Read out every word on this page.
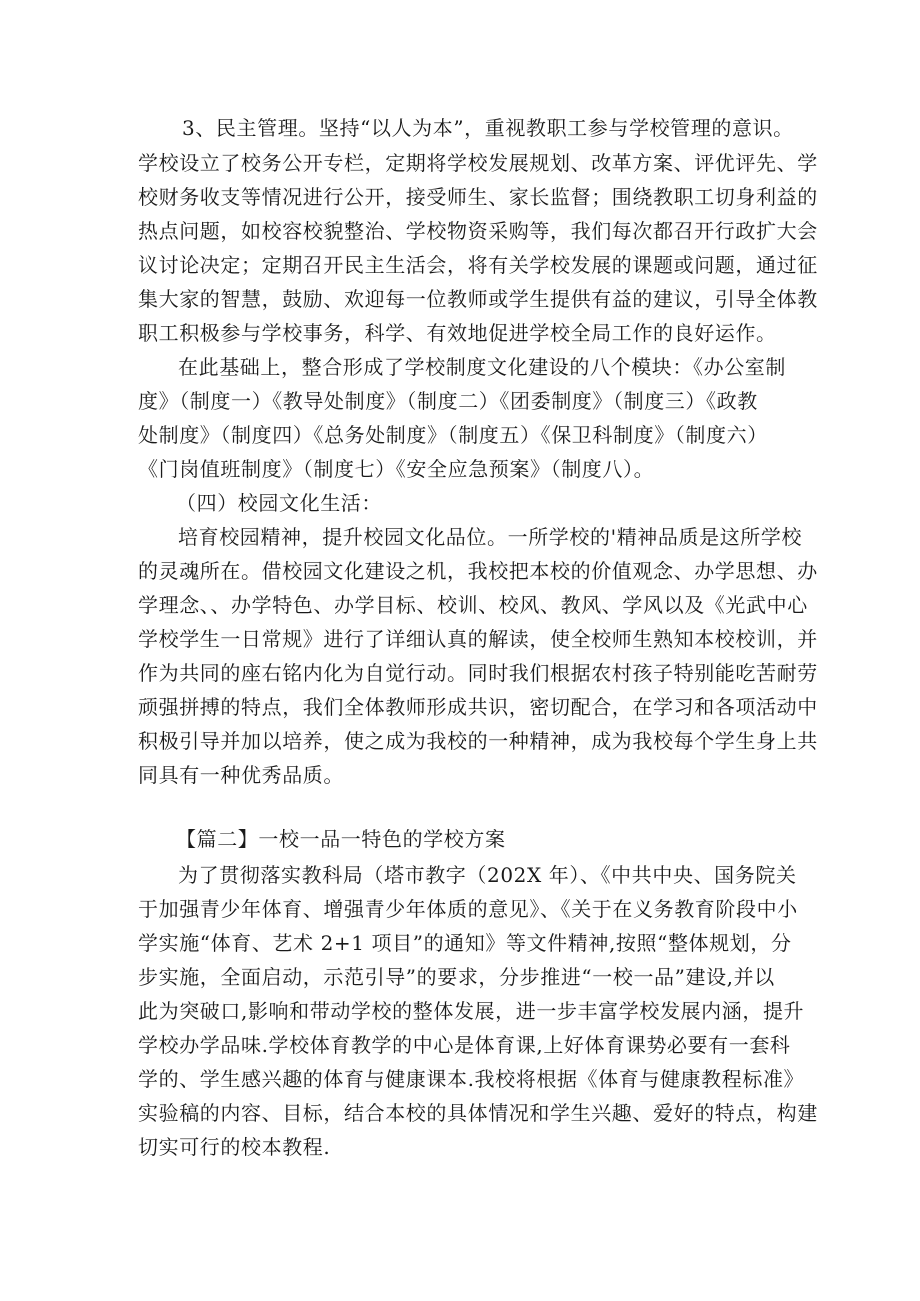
3、民主管理。坚持“以人为本”，重视教职工参与学校管理的意识。
学校设立了校务公开专栏，定期将学校发展规划、改革方案、评优评先、学
校财务收支等情况进行公开，接受师生、家长监督；围绕教职工切身利益的
热点问题，如校容校貌整治、学校物资采购等，我们每次都召开行政扩大会
议讨论决定；定期召开民主生活会，将有关学校发展的课题或问题，通过征
集大家的智慧，鼓励、欢迎每一位教师或学生提供有益的建议，引导全体教
职工积极参与学校事务，科学、有效地促进学校全局工作的良好运作。
在此基础上，整合形成了学校制度文化建设的八个模块：《办公室制
度》（制度一）《教导处制度》（制度二）《团委制度》（制度三）《政教
处制度》（制度四）《总务处制度》（制度五）《保卫科制度》（制度六）
《门岗值班制度》（制度七）《安全应急预案》（制度八）。
（四）校园文化生活：
培育校园精神，提升校园文化品位。一所学校的'精神品质是这所学校
的灵魂所在。借校园文化建设之机，我校把本校的价值观念、办学思想、办
学理念、、办学特色、办学目标、校训、校风、教风、学风以及《光武中心
学校学生一日常规》进行了详细认真的解读，使全校师生熟知本校校训，并
作为共同的座右铭内化为自觉行动。同时我们根据农村孩子特别能吃苦耐劳
顽强拼搏的特点，我们全体教师形成共识，密切配合，在学习和各项活动中
积极引导并加以培养，使之成为我校的一种精神，成为我校每个学生身上共
同具有一种优秀品质。
【篇二】一校一品一特色的学校方案
为了贯彻落实教科局（塔市教字（202X 年）、《中共中央、国务院关
于加强青少年体育、增强青少年体质的意见》、《关于在义务教育阶段中小
学实施“体育、艺术 2+1 项目”的通知》等文件精神,按照“整体规划，分
步实施，全面启动，示范引导”的要求，分步推进“一校一品”建设,并以
此为突破口,影响和带动学校的整体发展，进一步丰富学校发展内涵，提升
学校办学品味.学校体育教学的中心是体育课,上好体育课势必要有一套科
学的、学生感兴趣的体育与健康课本.我校将根据《体育与健康教程标准》
实验稿的内容、目标，结合本校的具体情况和学生兴趣、爱好的特点，构建
切实可行的校本教程.
